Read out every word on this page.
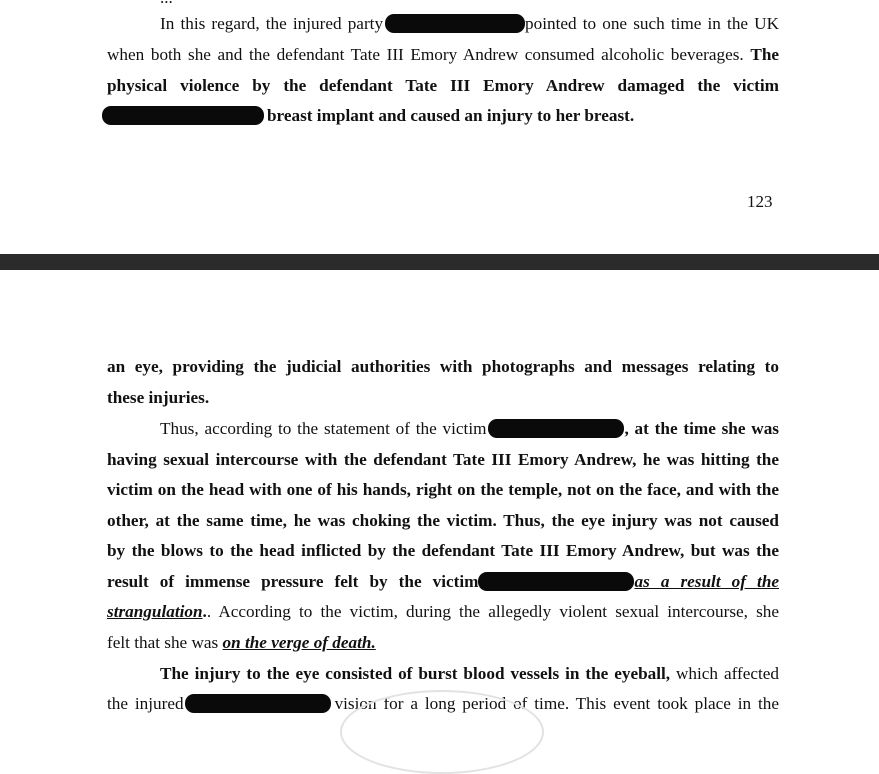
In this regard, the injured party	pointed to one such time in the UK
when both she and the defendant Tate III Emory Andrew consumed alcoholic beverages. The
physical violence by the defendant Tate III Emory Andrew damaged the victim
breast implant and caused an injury to her breast.
123
an eye, providing the judicial authorities with photographs and messages relating to
these injuries.
Thus, according to the statement of the victim	, at the time she was
having sexual intercourse with the defendant Tate III Emory Andrew, he was hitting the
victim on the head with one of his hands, right on the temple, not on the face, and with the
other, at the same time, he was choking the victim. Thus, the eye injury was not caused
by the blows to the head inflicted by the defendant Tate III Emory Andrew, but was the
result of immense pressure felt by the victim	as a result of the
strangulation.. According to the victim, during the allegedly violent sexual intercourse, she
felt that she was on the verge of death.
The injury to the eye consisted of burst blood vessels in the eyeball, which affected
the injured	vision for a long period of time. This event took place in the
